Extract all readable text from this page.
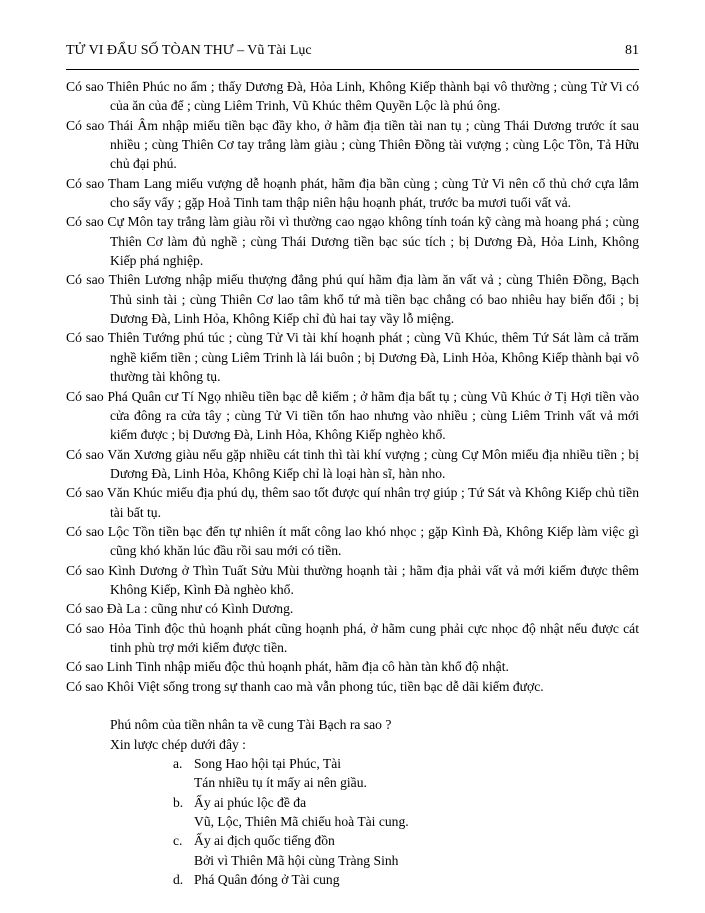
TỬ VI ĐẨU SỐ TÒAN THƯ – Vũ Tài Lục	81

Có sao Thiên Phúc no ấm ; thấy Dương Đà, Hỏa Linh, Không Kiếp thành bại vô thường ; cùng Tử Vi có của ăn của để ; cùng Liêm Trinh, Vũ Khúc thêm Quyền Lộc là phú ông.

Có sao Thái Âm nhập miếu tiền bạc đầy kho, ở hãm địa tiền tài nan tụ ; cùng Thái Dương trước ít sau nhiều ; cùng Thiên Cơ tay trắng làm giàu ; cùng Thiên Đồng tài vượng ; cùng Lộc Tồn, Tả Hữu chủ đại phú.

Có sao Tham Lang miếu vượng dễ hoạnh phát, hãm địa bần cùng ; cùng Tử Vi nên cố thủ chớ cựa lắm cho sẩy vẩy ; gặp Hoả Tinh tam thập niên hậu hoạnh phát, trước ba mươi tuổi vất vả.

Có sao Cự Môn tay trắng làm giàu rồi vì thường cao ngạo không tính toán kỹ càng mà hoang phá ; cùng Thiên Cơ làm đủ nghề ; cùng Thái Dương tiền bạc súc tích ; bị Dương Đà, Hỏa Linh, Không Kiếp phá nghiệp.

Có sao Thiên Lương nhập miếu thượng đẳng phú quí hãm địa làm ăn vất vả ; cùng Thiên Đồng, Bạch Thủ sinh tài ; cùng Thiên Cơ lao tâm khổ tứ mà tiền bạc chẳng có bao nhiêu hay biến đổi ; bị Dương Đà, Linh Hỏa, Không Kiếp chỉ đủ hai tay vầy lỗ miệng.

Có sao Thiên Tướng phú túc ; cùng Tử Vi tài khí hoạnh phát ; cùng Vũ Khúc, thêm Tứ Sát làm cả trăm nghề kiếm tiền ; cùng Liêm Trinh là lái buôn ; bị Dương Đà, Linh Hỏa, Không Kiếp thành bại vô thường tài không tụ.

Có sao Phá Quân cư Tí Ngọ nhiều tiền bạc dễ kiếm ; ở hãm địa bất tụ ; cùng Vũ Khúc ở Tị Hợi tiền vào cửa đông ra cửa tây ; cùng Tử Vi tiền tốn hao nhưng vào nhiều ; cùng Liêm Trinh vất vả mới kiếm được ; bị Dương Đà, Linh Hỏa, Không Kiếp nghèo khổ.

Có sao Văn Xương giàu nếu gặp nhiều cát tinh thì tài khí vượng ; cùng Cự Môn miếu địa nhiều tiền ; bị Dương Đà, Linh Hỏa, Không Kiếp chỉ là loại hàn sĩ, hàn nho.

Có sao Văn Khúc miếu địa phú dụ, thêm sao tốt được quí nhân trợ giúp ; Tứ Sát và Không Kiếp chủ tiền tài bất tụ.

Có sao Lộc Tồn tiền bạc đến tự nhiên ít mất công lao khó nhọc ; gặp Kình Đà, Không Kiếp làm việc gì cũng khó khăn lúc đầu rồi sau mới có tiền.

Có sao Kình Dương ở Thìn Tuất Sửu Mùi thường hoạnh tài ; hãm địa phải vất vả mới kiếm được thêm Không Kiếp, Kình Đà nghèo khổ.

Có sao Đà La : cũng như có Kình Dương.

Có sao Hỏa Tinh độc thủ hoạnh phát cũng hoạnh phá, ở hãm cung phải cực nhọc độ nhật nếu được cát tinh phù trợ mới kiếm được tiền.

Có sao Linh Tinh nhập miếu độc thủ hoạnh phát, hãm địa cô hàn tàn khổ độ nhật.

Có sao Khôi Việt sống trong sự thanh cao mà vẫn phong túc, tiền bạc dễ dãi kiếm được.

Phú nôm của tiền nhân ta về cung Tài Bạch ra sao ?

Xin lược chép dưới đây :

a. Song Hao hội tại Phúc, Tài
Tán nhiều tụ ít mấy ai nên giầu.
b. Ấy ai phúc lộc đề đa
Vũ, Lộc, Thiên Mã chiếu hoà Tài cung.
c. Ấy ai địch quốc tiếng đồn
Bởi vì Thiên Mã hội cùng Tràng Sinh
d. Phá Quân đóng ở Tài cung
